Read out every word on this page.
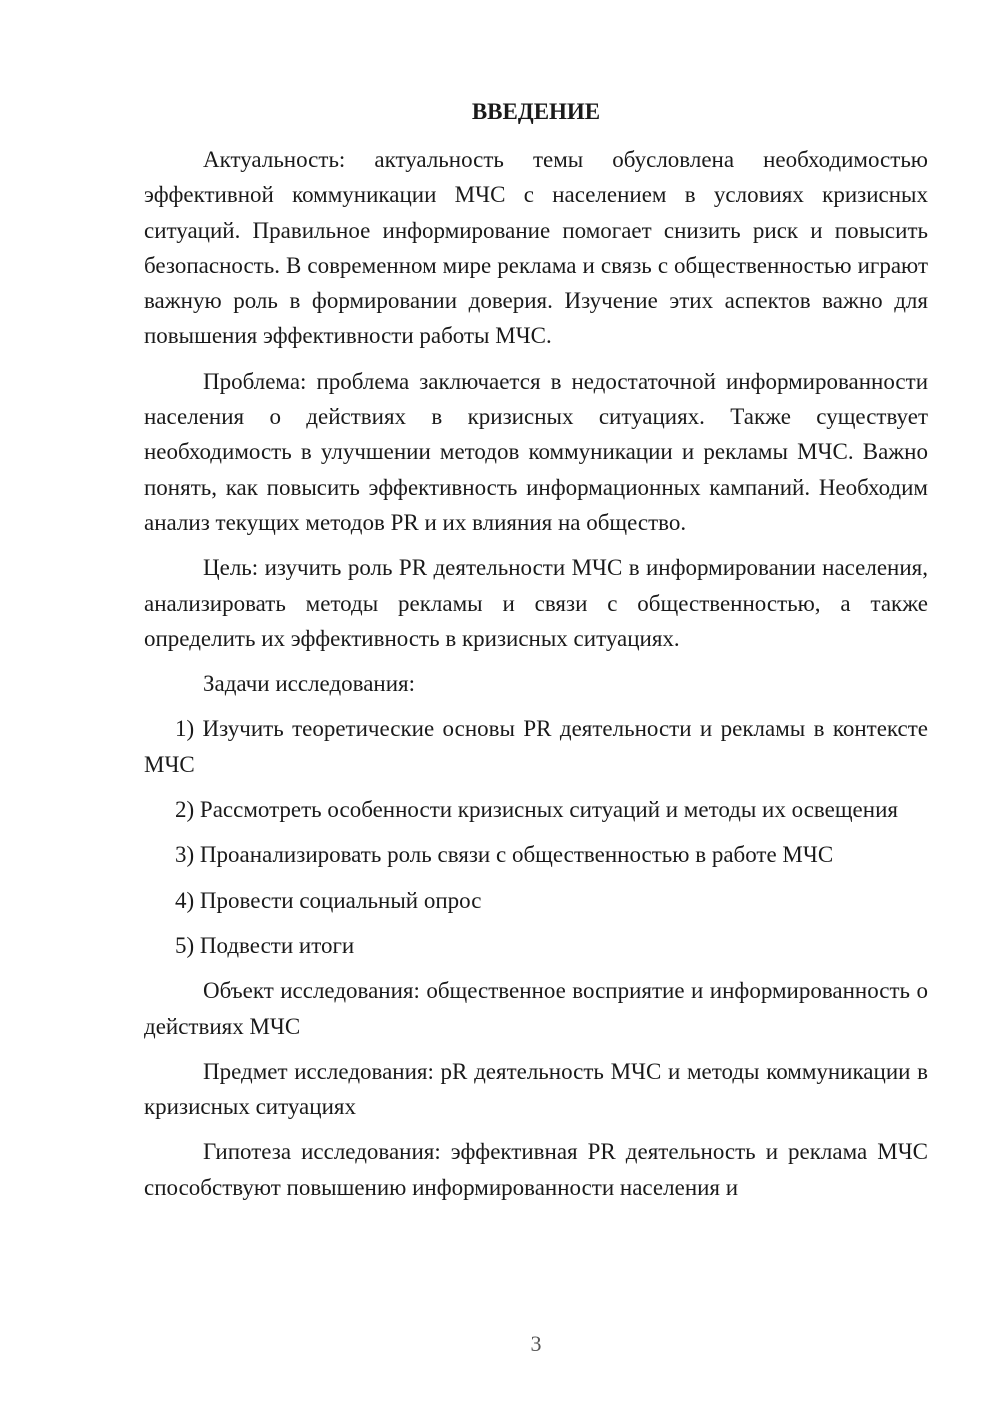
ВВЕДЕНИЕ
Актуальность: актуальность темы обусловлена необходимостью эффективной коммуникации МЧС с населением в условиях кризисных ситуаций. Правильное информирование помогает снизить риск и повысить безопасность. В современном мире реклама и связь с общественностью играют важную роль в формировании доверия. Изучение этих аспектов важно для повышения эффективности работы МЧС.
Проблема: проблема заключается в недостаточной информированности населения о действиях в кризисных ситуациях. Также существует необходимость в улучшении методов коммуникации и рекламы МЧС. Важно понять, как повысить эффективность информационных кампаний. Необходим анализ текущих методов PR и их влияния на общество.
Цель: изучить роль PR деятельности МЧС в информировании населения, анализировать методы рекламы и связи с общественностью, а также определить их эффективность в кризисных ситуациях.
Задачи исследования:
1) Изучить теоретические основы PR деятельности и рекламы в контексте МЧС
2) Рассмотреть особенности кризисных ситуаций и методы их освещения
3) Проанализировать роль связи с общественностью в работе МЧС
4) Провести социальный опрос
5) Подвести итоги
Объект исследования: общественное восприятие и информированность о действиях МЧС
Предмет исследования: pR деятельность МЧС и методы коммуникации в кризисных ситуациях
Гипотеза исследования: эффективная PR деятельность и реклама МЧС способствуют повышению информированности населения и
3
